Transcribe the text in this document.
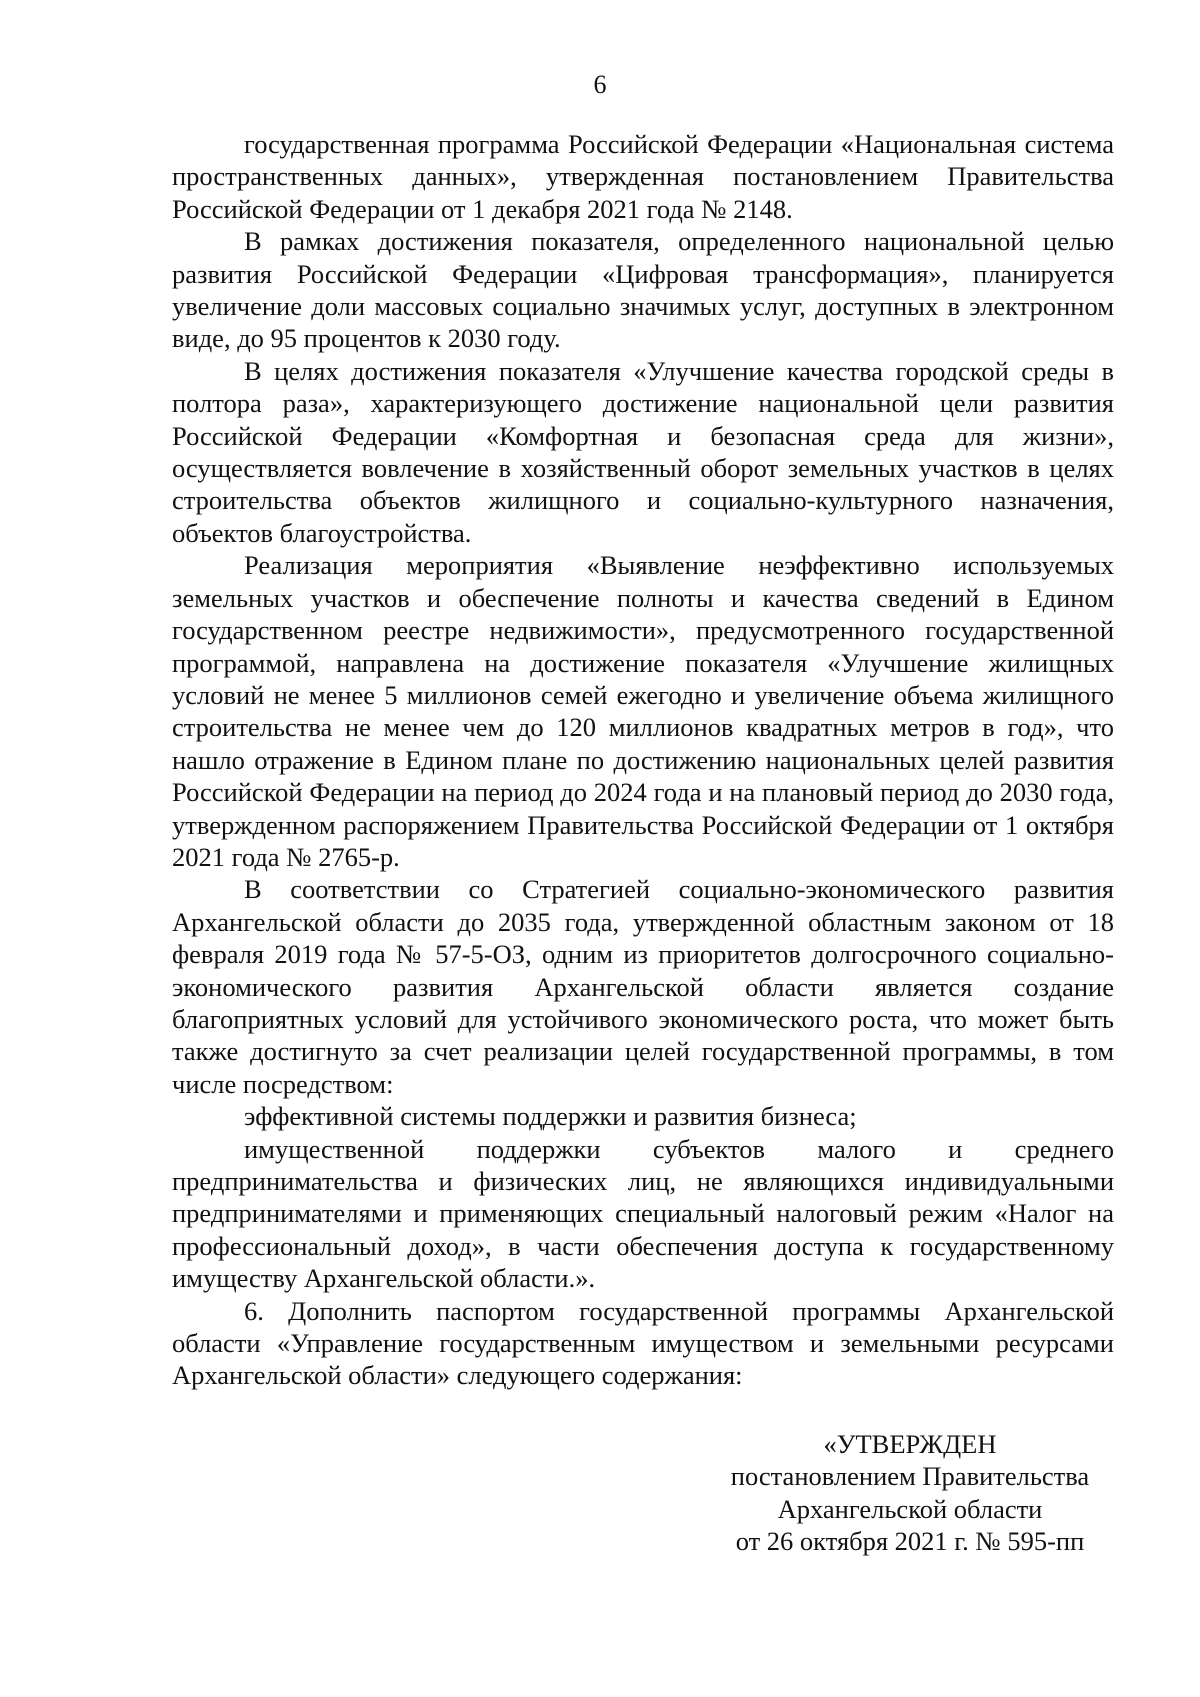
6

государственная программа Российской Федерации «Национальная система пространственных данных», утвержденная постановлением Правительства Российской Федерации от 1 декабря 2021 года № 2148.

В рамках достижения показателя, определенного национальной целью развития Российской Федерации «Цифровая трансформация», планируется увеличение доли массовых социально значимых услуг, доступных в электронном виде, до 95 процентов к 2030 году.

В целях достижения показателя «Улучшение качества городской среды в полтора раза», характеризующего достижение национальной цели развития Российской Федерации «Комфортная и безопасная среда для жизни», осуществляется вовлечение в хозяйственный оборот земельных участков в целях строительства объектов жилищного и социально-культурного назначения, объектов благоустройства.

Реализация мероприятия «Выявление неэффективно используемых земельных участков и обеспечение полноты и качества сведений в Едином государственном реестре недвижимости», предусмотренного государственной программой, направлена на достижение показателя «Улучшение жилищных условий не менее 5 миллионов семей ежегодно и увеличение объема жилищного строительства не менее чем до 120 миллионов квадратных метров в год», что нашло отражение в Едином плане по достижению национальных целей развития Российской Федерации на период до 2024 года и на плановый период до 2030 года, утвержденном распоряжением Правительства Российской Федерации от 1 октября 2021 года № 2765-р.

В соответствии со Стратегией социально-экономического развития Архангельской области до 2035 года, утвержденной областным законом от 18 февраля 2019 года № 57-5-ОЗ, одним из приоритетов долгосрочного социально-экономического развития Архангельской области является создание благоприятных условий для устойчивого экономического роста, что может быть также достигнуто за счет реализации целей государственной программы, в том числе посредством:

эффективной системы поддержки и развития бизнеса;

имущественной поддержки субъектов малого и среднего предпринимательства и физических лиц, не являющихся индивидуальными предпринимателями и применяющих специальный налоговый режим «Налог на профессиональный доход», в части обеспечения доступа к государственному имуществу Архангельской области.».

6. Дополнить паспортом государственной программы Архангельской области «Управление государственным имуществом и земельными ресурсами Архангельской области» следующего содержания:

«УТВЕРЖДЕН
постановлением Правительства
Архангельской области
от 26 октября 2021 г. № 595-пп
